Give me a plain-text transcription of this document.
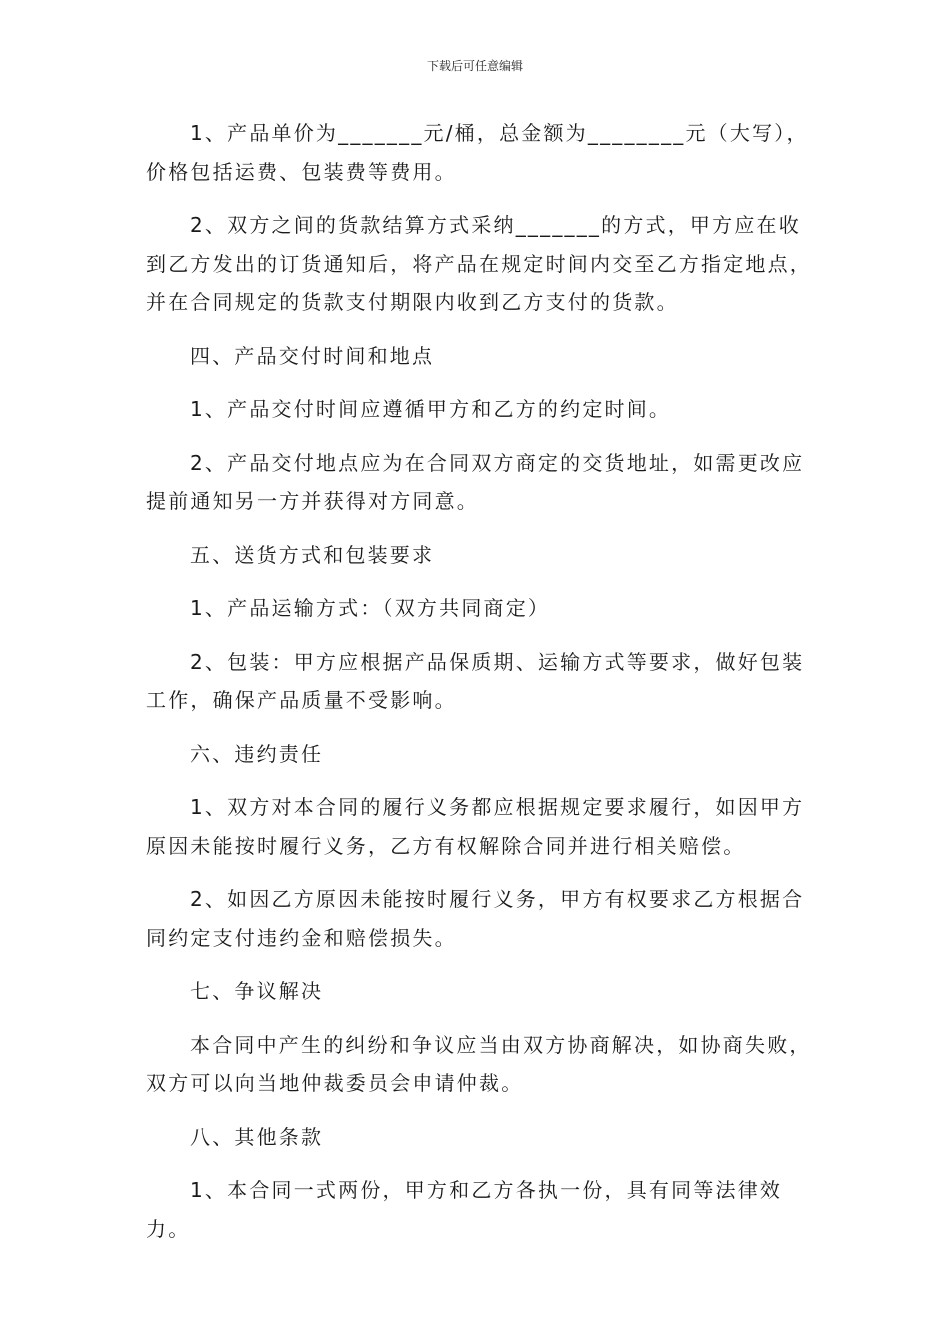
下载后可任意编辑

1、产品单价为_______元/桶，总金额为________元（大写），价格包括运费、包装费等费用。

2、双方之间的货款结算方式采纳_______的方式，甲方应在收到乙方发出的订货通知后，将产品在规定时间内交至乙方指定地点，并在合同规定的货款支付期限内收到乙方支付的货款。

四、产品交付时间和地点

1、产品交付时间应遵循甲方和乙方的约定时间。

2、产品交付地点应为在合同双方商定的交货地址，如需更改应提前通知另一方并获得对方同意。

五、送货方式和包装要求

1、产品运输方式：（双方共同商定）

2、包装：甲方应根据产品保质期、运输方式等要求，做好包装工作，确保产品质量不受影响。

六、违约责任

1、双方对本合同的履行义务都应根据规定要求履行，如因甲方原因未能按时履行义务，乙方有权解除合同并进行相关赔偿。

2、如因乙方原因未能按时履行义务，甲方有权要求乙方根据合同约定支付违约金和赔偿损失。

七、争议解决

本合同中产生的纠纷和争议应当由双方协商解决，如协商失败，双方可以向当地仲裁委员会申请仲裁。

八、其他条款

1、本合同一式两份，甲方和乙方各执一份，具有同等法律效力。
